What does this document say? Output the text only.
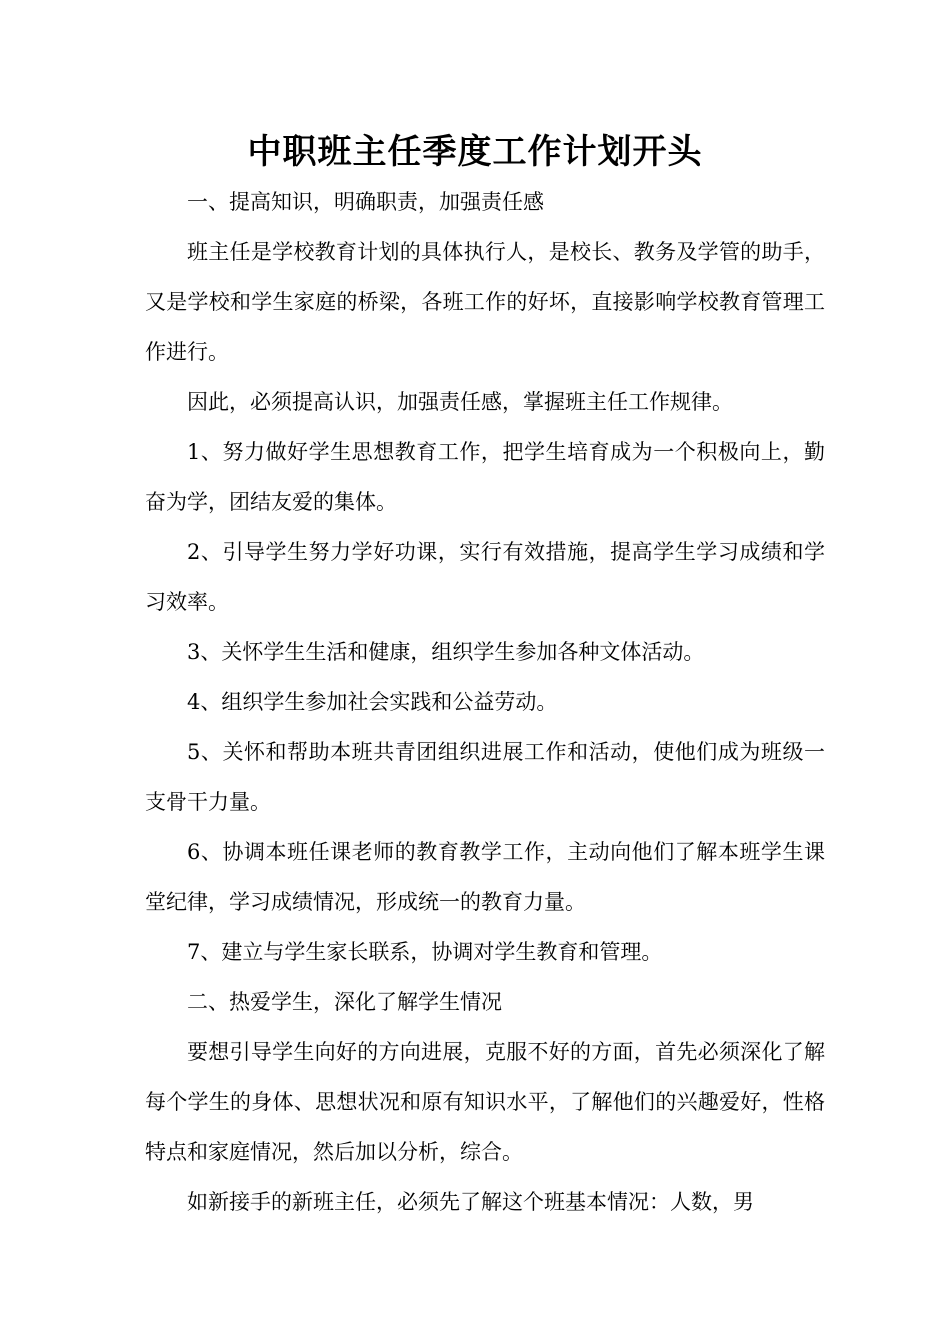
中职班主任季度工作计划开头

一、提高知识，明确职责，加强责任感

班主任是学校教育计划的具体执行人，是校长、教务及学管的助手，又是学校和学生家庭的桥梁，各班工作的好坏，直接影响学校教育管理工作进行。

因此，必须提高认识，加强责任感，掌握班主任工作规律。

1、努力做好学生思想教育工作，把学生培育成为一个积极向上，勤奋为学，团结友爱的集体。

2、引导学生努力学好功课，实行有效措施，提高学生学习成绩和学习效率。

3、关怀学生生活和健康，组织学生参加各种文体活动。

4、组织学生参加社会实践和公益劳动。

5、关怀和帮助本班共青团组织进展工作和活动，使他们成为班级一支骨干力量。

6、协调本班任课老师的教育教学工作，主动向他们了解本班学生课堂纪律，学习成绩情况，形成统一的教育力量。

7、建立与学生家长联系，协调对学生教育和管理。

二、热爱学生，深化了解学生情况

要想引导学生向好的方向进展，克服不好的方面，首先必须深化了解每个学生的身体、思想状况和原有知识水平，了解他们的兴趣爱好，性格特点和家庭情况，然后加以分析，综合。

如新接手的新班主任，必须先了解这个班基本情况：人数，男
